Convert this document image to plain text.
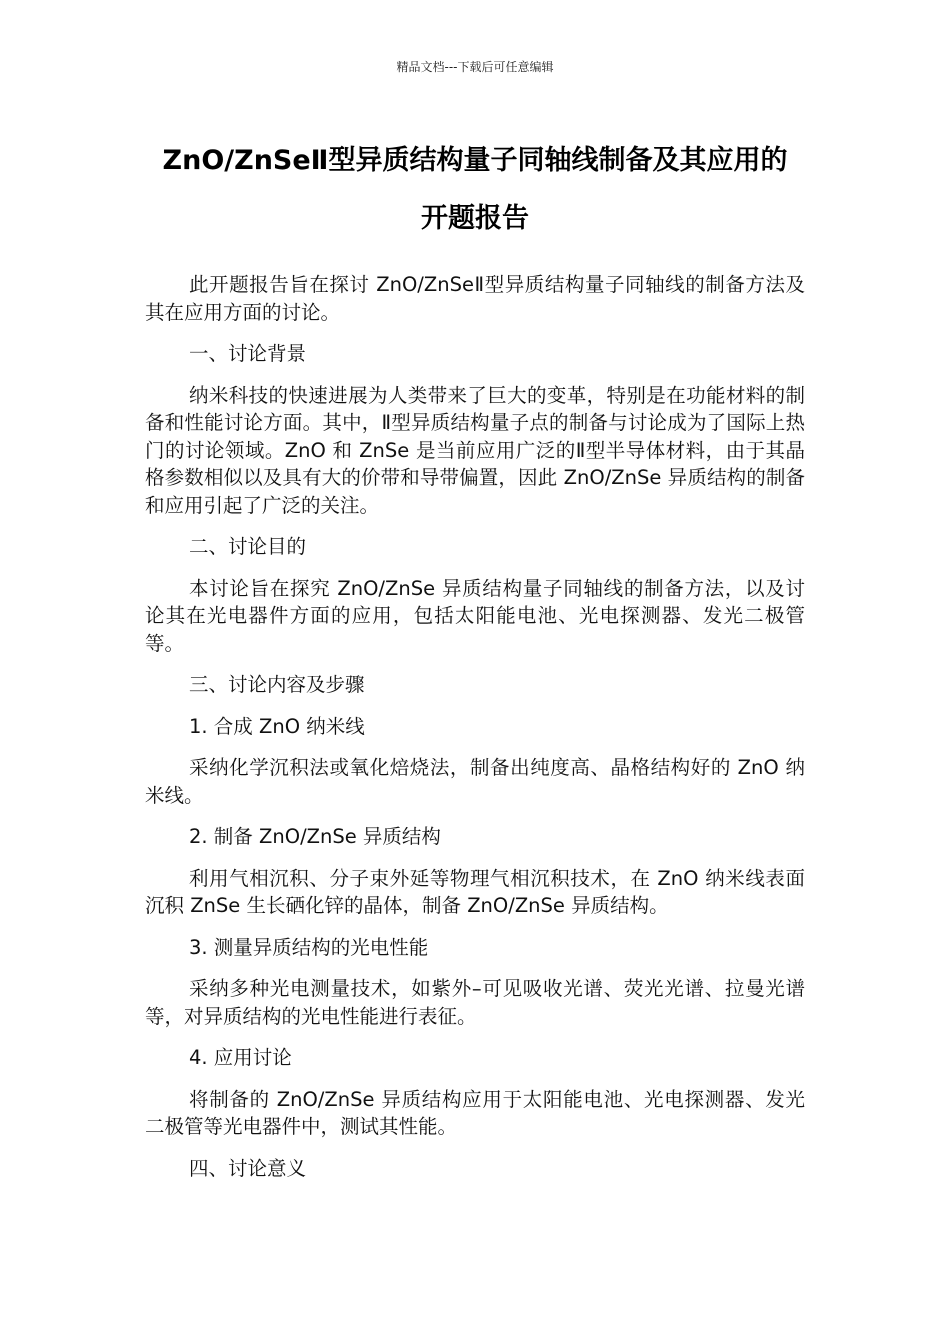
精品文档---下载后可任意编辑
ZnO/ZnSeⅡ型异质结构量子同轴线制备及其应用的
开题报告

此开题报告旨在探讨 ZnO/ZnSeⅡ型异质结构量子同轴线的制备方法及其在应用方面的讨论。

一、讨论背景

纳米科技的快速进展为人类带来了巨大的变革，特别是在功能材料的制备和性能讨论方面。其中，Ⅱ型异质结构量子点的制备与讨论成为了国际上热门的讨论领域。ZnO 和 ZnSe 是当前应用广泛的Ⅱ型半导体材料，由于其晶格参数相似以及具有大的价带和导带偏置，因此 ZnO/ZnSe 异质结构的制备和应用引起了广泛的关注。

二、讨论目的

本讨论旨在探究 ZnO/ZnSe 异质结构量子同轴线的制备方法，以及讨论其在光电器件方面的应用，包括太阳能电池、光电探测器、发光二极管等。

三、讨论内容及步骤

1. 合成 ZnO 纳米线

采纳化学沉积法或氧化焙烧法，制备出纯度高、晶格结构好的 ZnO 纳米线。

2. 制备 ZnO/ZnSe 异质结构

利用气相沉积、分子束外延等物理气相沉积技术，在 ZnO 纳米线表面沉积 ZnSe 生长硒化锌的晶体，制备 ZnO/ZnSe 异质结构。

3. 测量异质结构的光电性能

采纳多种光电测量技术，如紫外–可见吸收光谱、荧光光谱、拉曼光谱等，对异质结构的光电性能进行表征。

4. 应用讨论

将制备的 ZnO/ZnSe 异质结构应用于太阳能电池、光电探测器、发光二极管等光电器件中，测试其性能。

四、讨论意义
